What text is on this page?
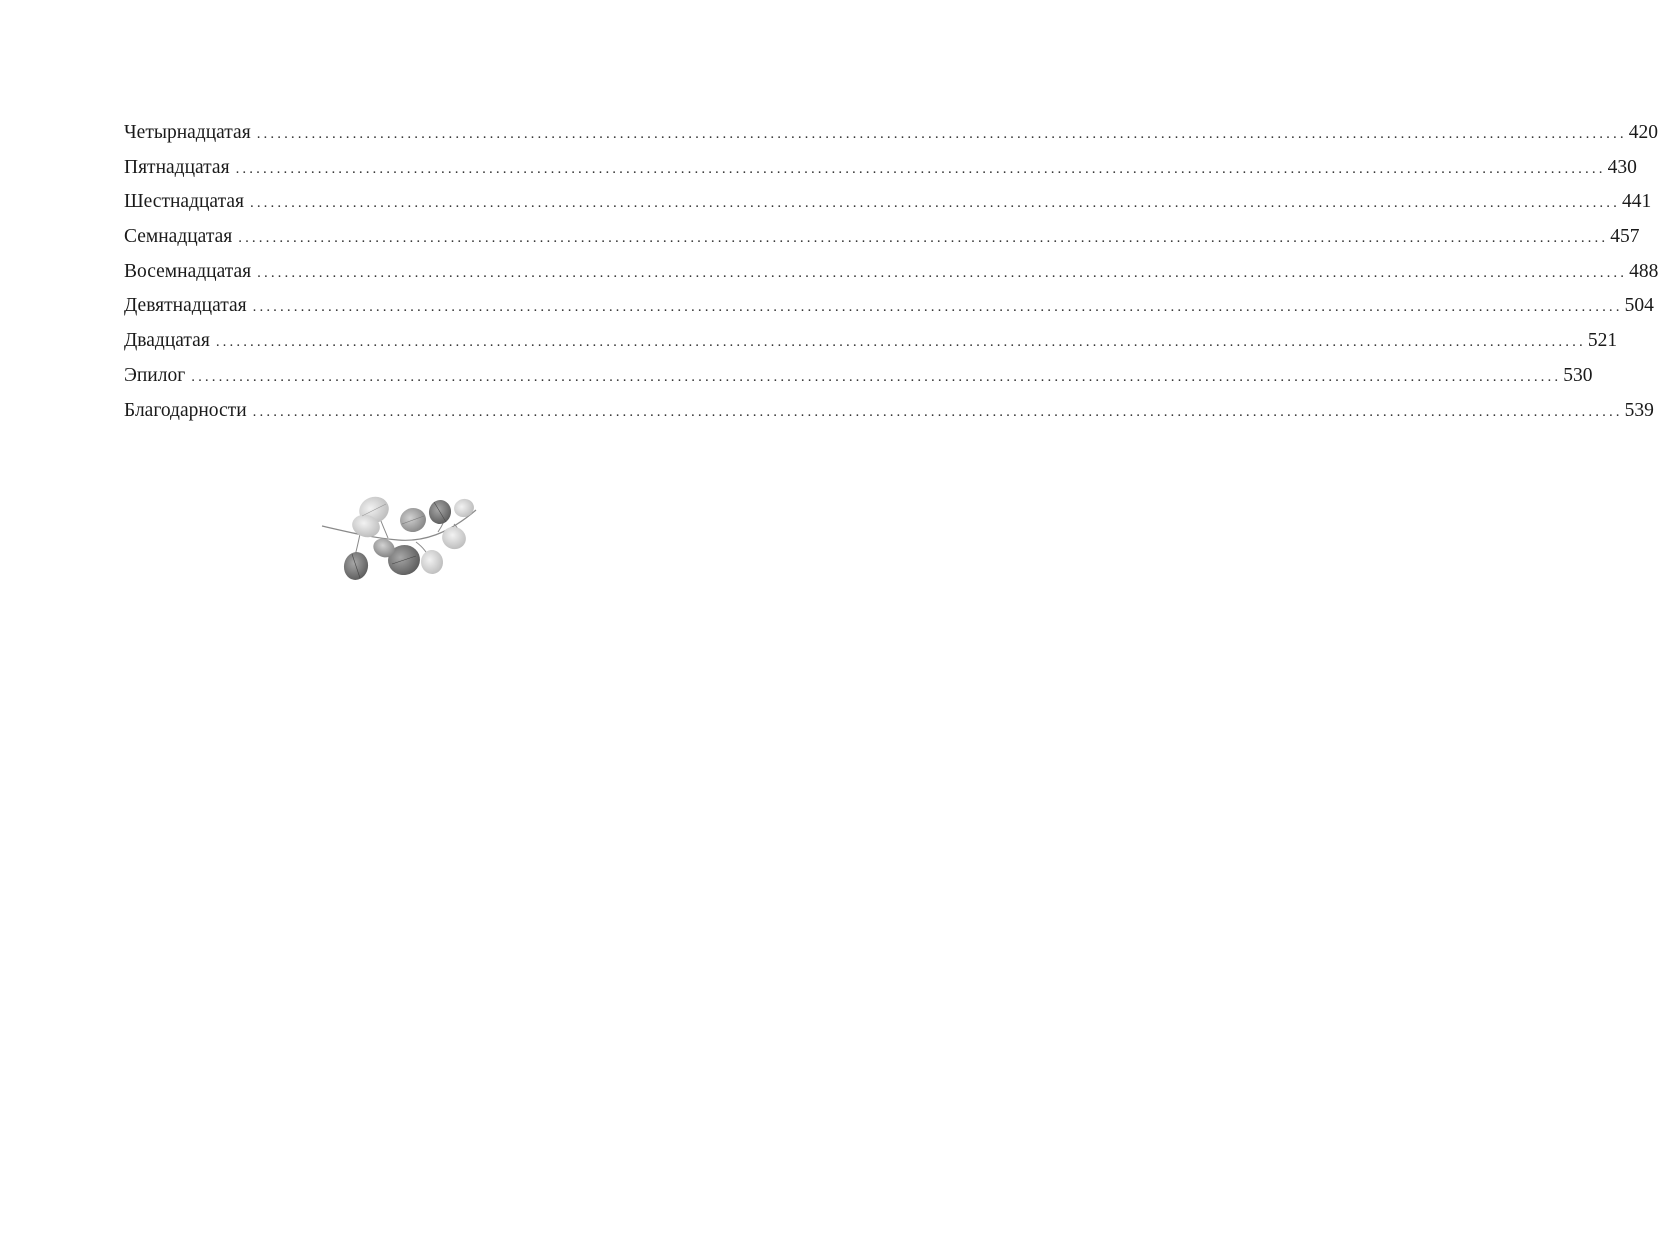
Четырнадцатая ........................................................................................................................................................................................................ 420
Пятнадцатая ........................................................................................................................................................................................................ 430
Шестнадцатая ........................................................................................................................................................................................................ 441
Семнадцатая ........................................................................................................................................................................................................ 457
Восемнадцатая ........................................................................................................................................................................................................ 488
Девятнадцатая ........................................................................................................................................................................................................ 504
Двадцатая ........................................................................................................................................................................................................ 521
Эпилог ........................................................................................................................................................................................................ 530
Благодарности ........................................................................................................................................................................................................ 539
